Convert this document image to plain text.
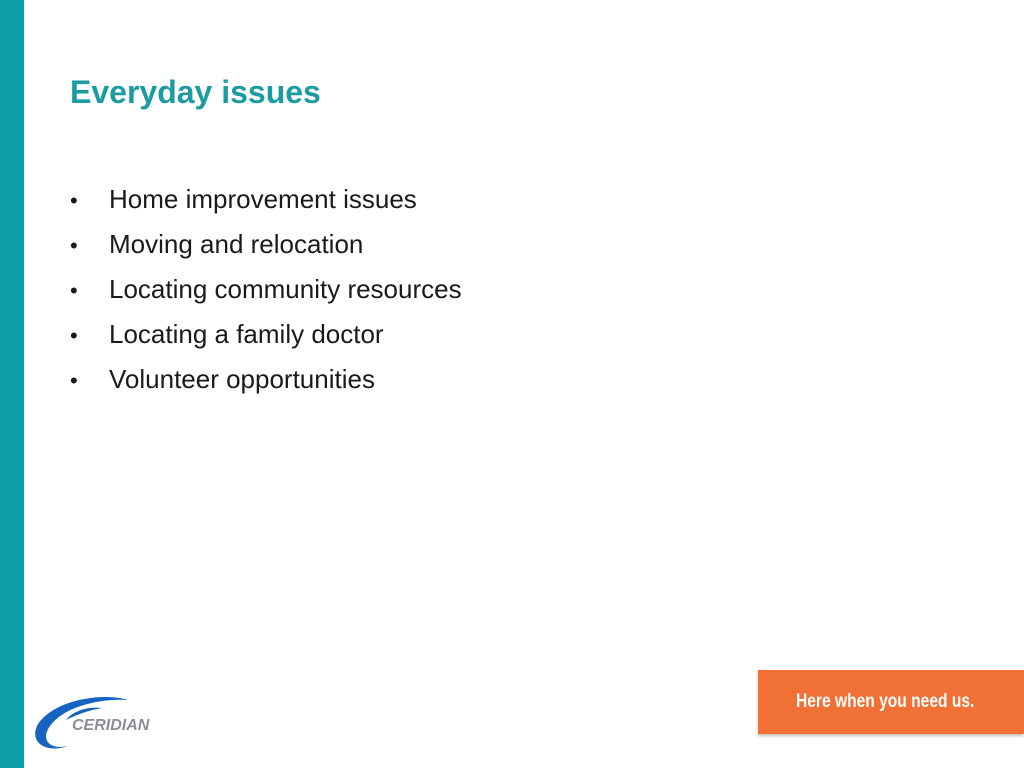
Everyday issues
•	Home improvement issues
•	Moving and relocation
•	Locating community resources
•	Locating a family doctor
•	Volunteer opportunities
CERIDIAN
Here when you need us.
